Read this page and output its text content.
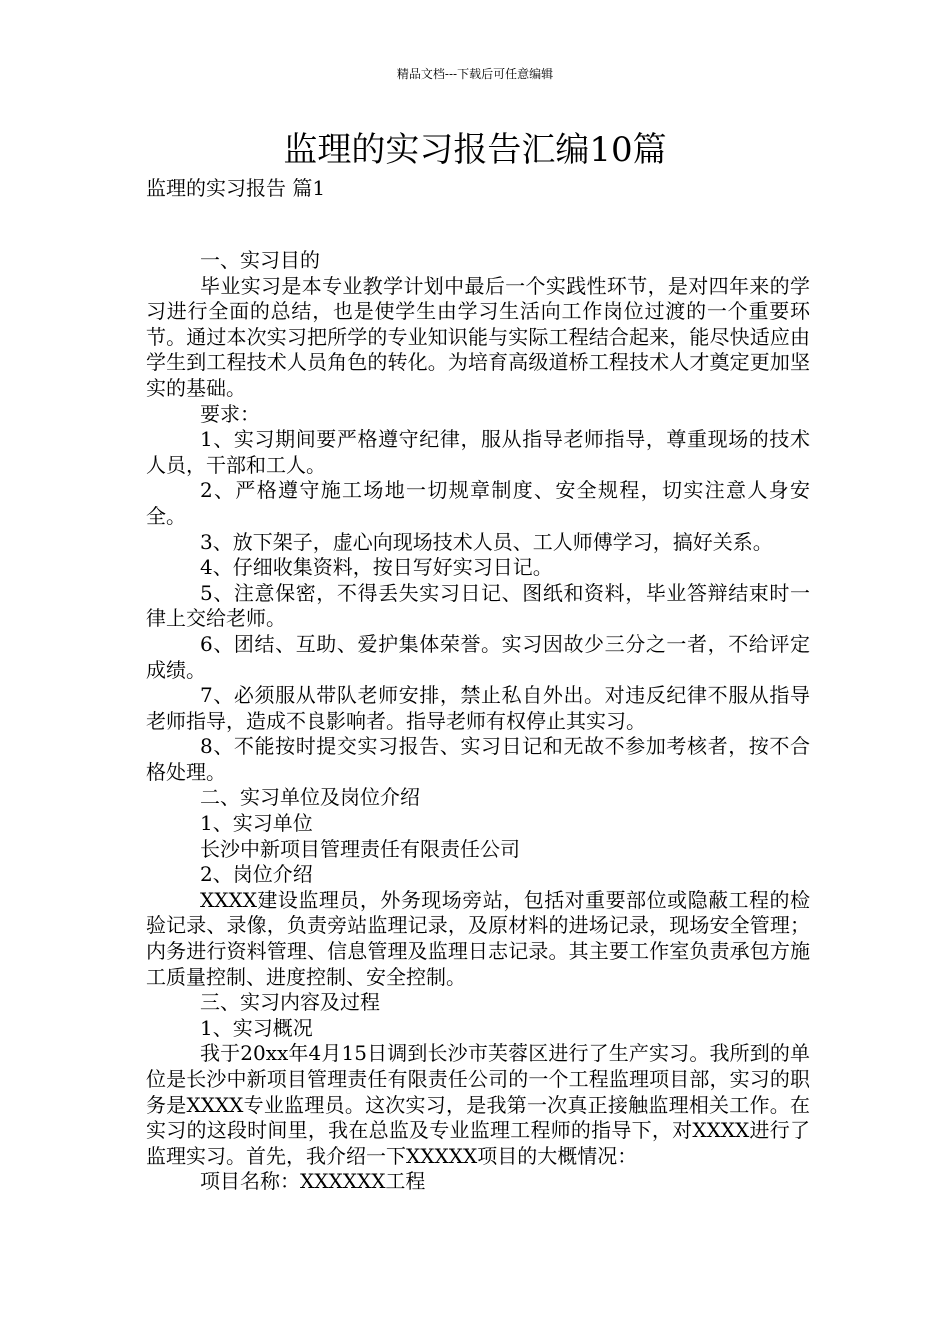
精品文档---下载后可任意编辑
监理的实习报告汇编10篇
监理的实习报告 篇1

一、实习目的

毕业实习是本专业教学计划中最后一个实践性环节，是对四年来的学习进行全面的总结，也是使学生由学习生活向工作岗位过渡的一个重要环节。通过本次实习把所学的专业知识能与实际工程结合起来，能尽快适应由学生到工程技术人员角色的转化。为培育高级道桥工程技术人才奠定更加坚实的基础。

要求：

1、实习期间要严格遵守纪律，服从指导老师指导，尊重现场的技术人员，干部和工人。

2、严格遵守施工场地一切规章制度、安全规程，切实注意人身安全。

3、放下架子，虚心向现场技术人员、工人师傅学习，搞好关系。

4、仔细收集资料，按日写好实习日记。

5、注意保密，不得丢失实习日记、图纸和资料，毕业答辩结束时一律上交给老师。

6、团结、互助、爱护集体荣誉。实习因故少三分之一者，不给评定成绩。

7、必须服从带队老师安排，禁止私自外出。对违反纪律不服从指导老师指导，造成不良影响者。指导老师有权停止其实习。

8、不能按时提交实习报告、实习日记和无故不参加考核者，按不合格处理。

二、实习单位及岗位介绍

1、实习单位

长沙中新项目管理责任有限责任公司

2、岗位介绍

XXXX建设监理员，外务现场旁站，包括对重要部位或隐蔽工程的检验记录、录像，负责旁站监理记录，及原材料的进场记录，现场安全管理；内务进行资料管理、信息管理及监理日志记录。其主要工作室负责承包方施工质量控制、进度控制、安全控制。

三、实习内容及过程

1、实习概况

我于20xx年4月15日调到长沙市芙蓉区进行了生产实习。我所到的单位是长沙中新项目管理责任有限责任公司的一个工程监理项目部，实习的职务是XXXX专业监理员。这次实习，是我第一次真正接触监理相关工作。在实习的这段时间里，我在总监及专业监理工程师的指导下，对XXXX进行了监理实习。首先，我介绍一下XXXXX项目的大概情况：

项目名称：XXXXXX工程
